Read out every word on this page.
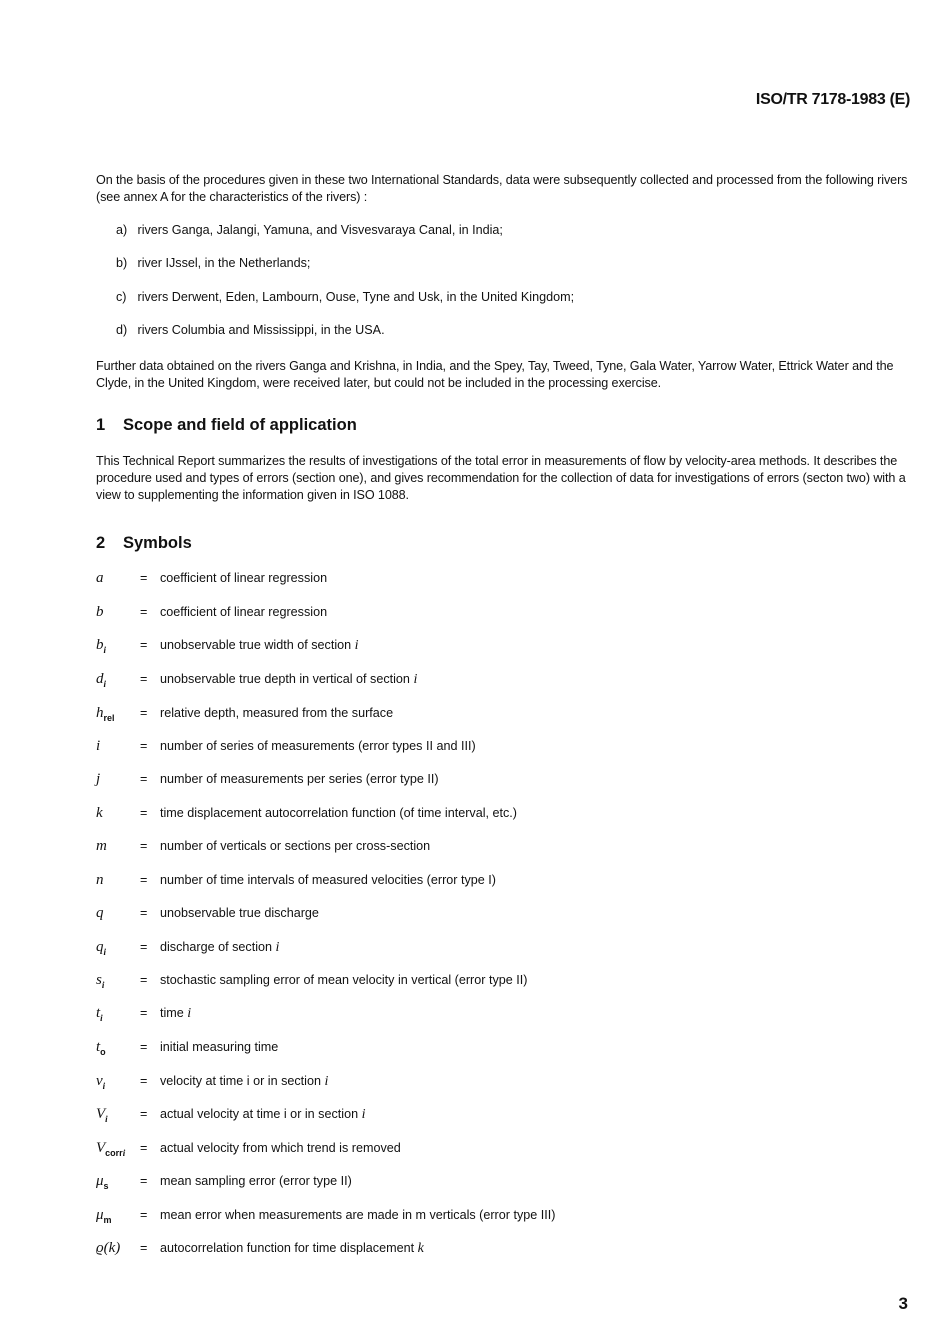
ISO/TR 7178-1983 (E)
On the basis of the procedures given in these two International Standards, data were subsequently collected and processed from the following rivers (see annex A for the characteristics of the rivers) :
a) rivers Ganga, Jalangi, Yamuna, and Visvesvaraya Canal, in India;
b) river IJssel, in the Netherlands;
c) rivers Derwent, Eden, Lambourn, Ouse, Tyne and Usk, in the United Kingdom;
d) rivers Columbia and Mississippi, in the USA.
Further data obtained on the rivers Ganga and Krishna, in India, and the Spey, Tay, Tweed, Tyne, Gala Water, Yarrow Water, Ettrick Water and the Clyde, in the United Kingdom, were received later, but could not be included in the processing exercise.
1 Scope and field of application
This Technical Report summarizes the results of investigations of the total error in measurements of flow by velocity-area methods. It describes the procedure used and types of errors (section one), and gives recommendation for the collection of data for investigations of errors (secton two) with a view to supplementing the information given in ISO 1088.
2 Symbols
a	= coefficient of linear regression
b	= coefficient of linear regression
$b_i$	= unobservable true width of section i
$d_i$	= unobservable true depth in vertical of section i
$h_{rel}$	= relative depth, measured from the surface
i	= number of series of measurements (error types II and III)
j	= number of measurements per series (error type II)
k	= time displacement autocorrelation function (of time interval, etc.)
m	= number of verticals or sections per cross-section
n	= number of time intervals of measured velocities (error type I)
q	= unobservable true discharge
$q_i$	= discharge of section i
$s_i$	= stochastic sampling error of mean velocity in vertical (error type II)
$t_i$	= time i
$t_o$	= initial measuring time
$v_i$	= velocity at time i or in section i
$V_i$	= actual velocity at time i or in section i
$V_{corri}$	= actual velocity from which trend is removed
$\mu_s$	= mean sampling error (error type II)
$\mu_m$	= mean error when measurements are made in m verticals (error type III)
ϱ(k)	= autocorrelation function for time displacement k
3
